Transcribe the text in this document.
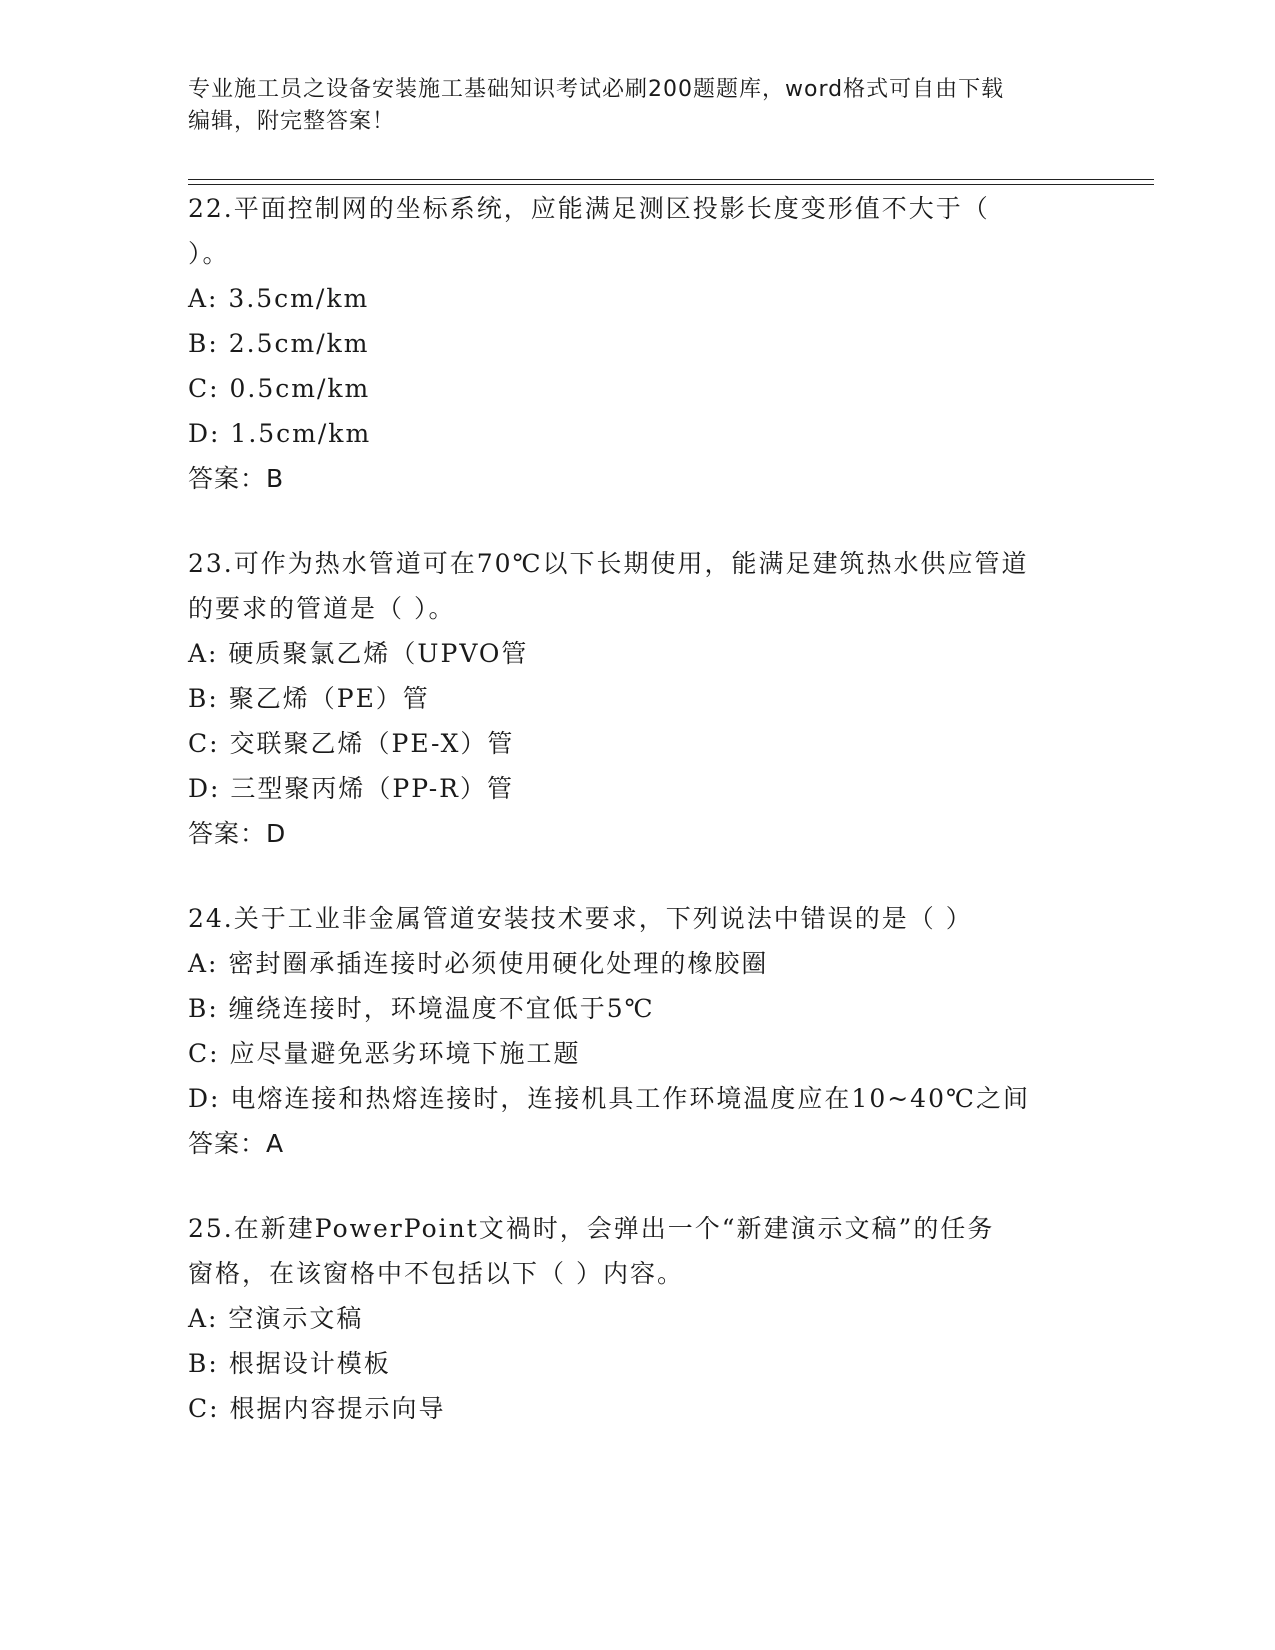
专业施工员之设备安装施工基础知识考试必刷200题题库，word格式可自由下载
编辑，附完整答案！

22.平面控制网的坐标系统，应能满足测区投影长度变形值不大于（

）。

A: 3.5cm/km

B: 2.5cm/km

C: 0.5cm/km

D: 1.5cm/km

答案：B

23.可作为热水管道可在70℃以下长期使用，能满足建筑热水供应管道

的要求的管道是（ ）。

A: 硬质聚氯乙烯（UPVO管

B: 聚乙烯（PE）管

C: 交联聚乙烯（PE-X）管

D: 三型聚丙烯（PP-R）管

答案：D

24.关于工业非金属管道安装技术要求，下列说法中错误的是（ ）

A: 密封圈承插连接时必须使用硬化处理的橡胶圈

B: 缠绕连接时，环境温度不宜低于5℃

C: 应尽量避免恶劣环境下施工题

D: 电熔连接和热熔连接时，连接机具工作环境温度应在10~40℃之间

答案：A

25.在新建PowerPoint文禍时，会弹出一个“新建演示文稿”的任务

窗格，在该窗格中不包括以下（ ）内容。

A: 空演示文稿

B: 根据设计模板

C: 根据内容提示向导
